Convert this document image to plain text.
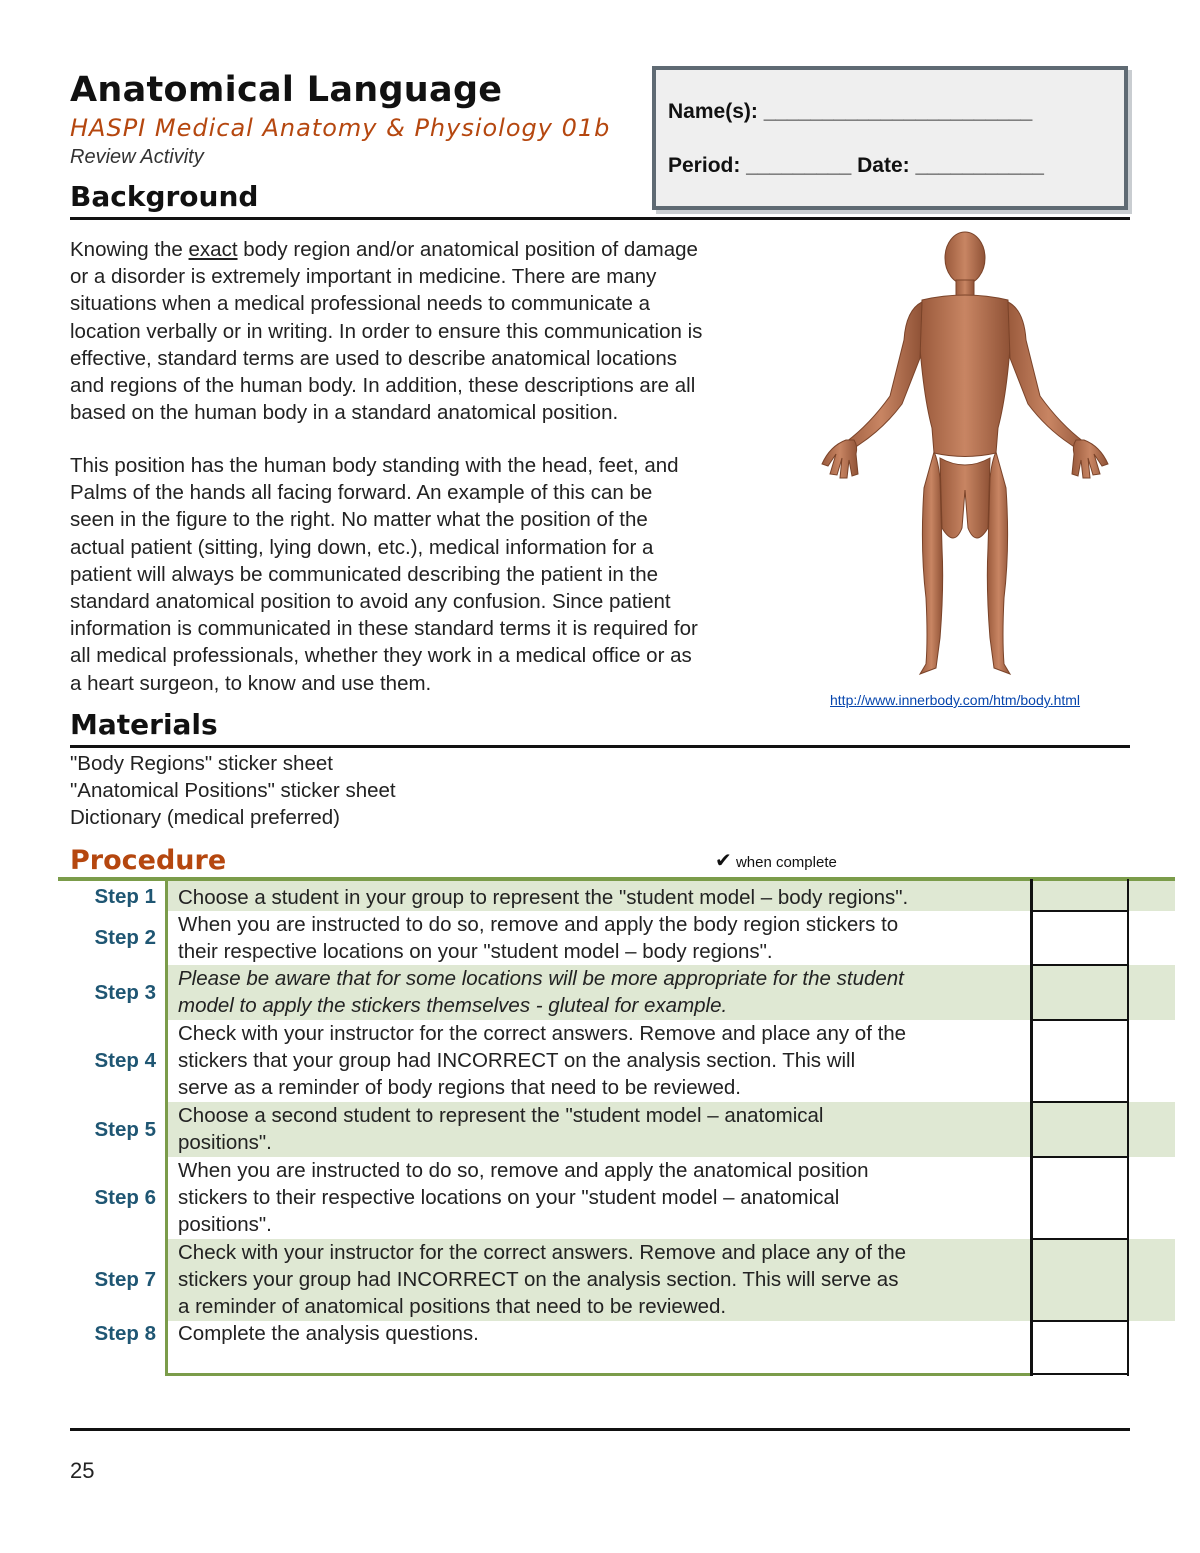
Anatomical Language
HASPI Medical Anatomy & Physiology 01b
Review Activity
Name(s): _______________________
Period: _________ Date: ___________
Background

Knowing the exact body region and/or anatomical position of damage

or a disorder is extremely important in medicine. There are many

situations when a medical professional needs to communicate a

location verbally or in writing. In order to ensure this communication is

effective, standard terms are used to describe anatomical locations

and regions of the human body. In addition, these descriptions are all

based on the human body in a standard anatomical position.

This position has the human body standing with the head, feet, and

Palms of the hands all facing forward. An example of this can be

seen in the figure to the right. No matter what the position of the

actual patient (sitting, lying down, etc.), medical information for a

patient will always be communicated describing the patient in the

standard anatomical position to avoid any confusion. Since patient

information is communicated in these standard terms it is required for

all medical professionals, whether they work in a medical office or as

a heart surgeon, to know and use them.

http://www.innerbody.com/htm/body.html
Materials
"Body Regions" sticker sheet
"Anatomical Positions" sticker sheet
Dictionary (medical preferred)
Procedure	✔ when complete
Step 1
Step 2
Step 3
Step 4
Step 5
Step 6
Step 7
Step 8

Choose a student in your group to represent the "student model – body regions".

When you are instructed to do so, remove and apply the body region stickers to

their respective locations on your "student model – body regions".

Please be aware that for some locations will be more appropriate for the student

model to apply the stickers themselves - gluteal for example.

Check with your instructor for the correct answers. Remove and place any of the

stickers that your group had INCORRECT on the analysis section. This will

serve as a reminder of body regions that need to be reviewed.

Choose a second student to represent the "student model – anatomical

positions".

When you are instructed to do so, remove and apply the anatomical position

stickers to their respective locations on your "student model – anatomical

positions".

Check with your instructor for the correct answers. Remove and place any of the

stickers your group had INCORRECT on the analysis section. This will serve as

a reminder of anatomical positions that need to be reviewed.

Complete the analysis questions.

25
